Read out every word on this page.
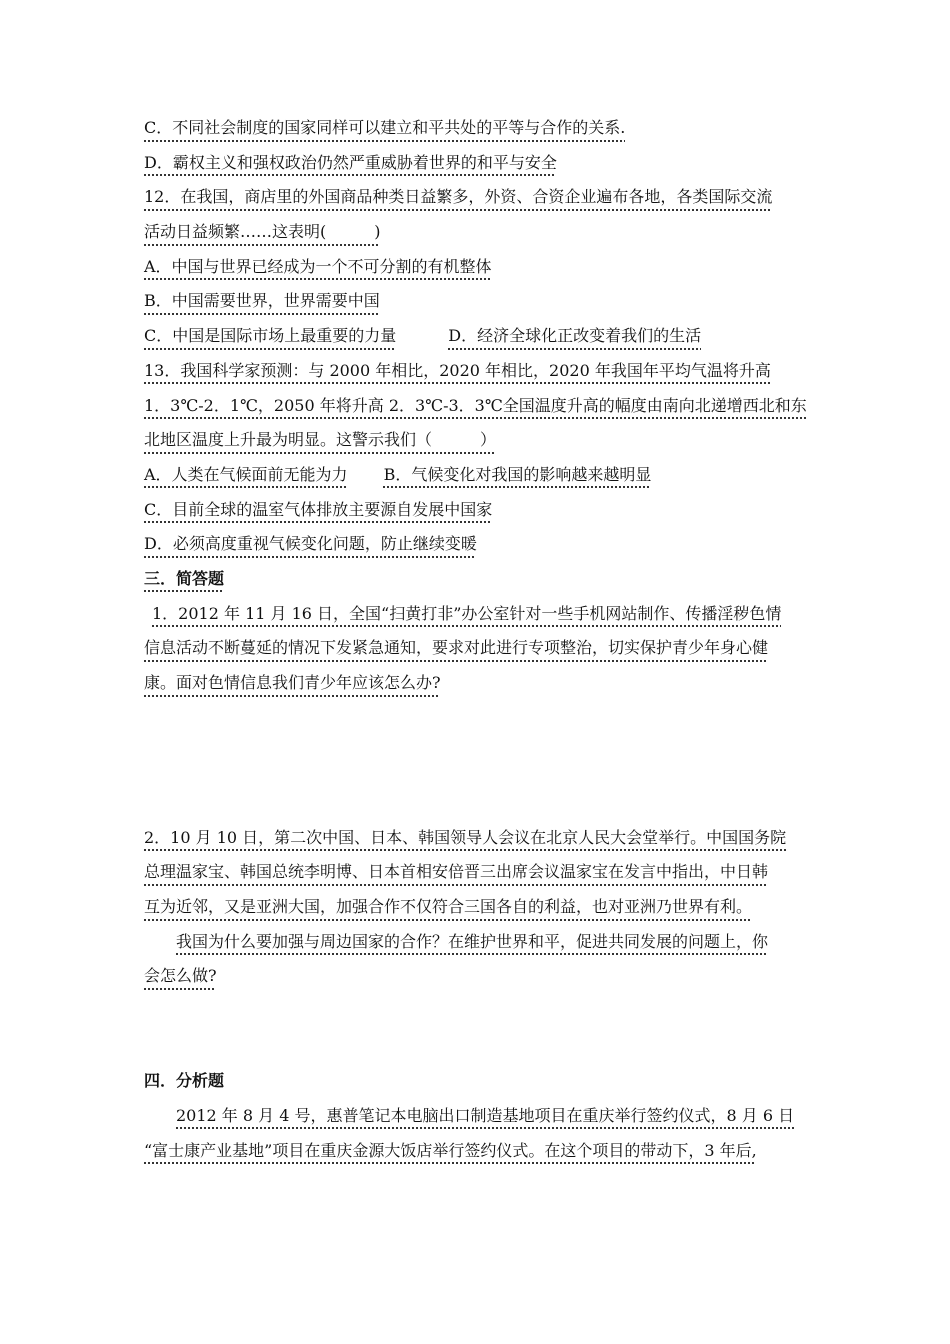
C．不同社会制度的国家同样可以建立和平共处的平等与合作的关系.
D．霸权主义和强权政治仍然严重威胁着世界的和平与安全
12．在我国，商店里的外国商品种类日益繁多，外资、合资企业遍布各地，各类国际交流
活动日益频繁……这表明(　　　)
A．中国与世界已经成为一个不可分割的有机整体
B．中国需要世界，世界需要中国
C．中国是国际市场上最重要的力量	D．经济全球化正改变着我们的生活
13．我国科学家预测：与 2000 年相比，2020 年相比，2020 年我国年平均气温将升高
1．3℃-2．1℃，2050 年将升高 2．3℃-3．3℃全国温度升高的幅度由南向北递增西北和东
北地区温度上升最为明显。这警示我们（　　　）
A．人类在气候面前无能为力 B．气候变化对我国的影响越来越明显
C．目前全球的温室气体排放主要源自发展中国家
D．必须高度重视气候变化问题，防止继续变暖
三．简答题
1．2012 年 11 月 16 日，全国“扫黄打非”办公室针对一些手机网站制作、传播淫秽色情
信息活动不断蔓延的情况下发紧急通知，要求对此进行专项整治，切实保护青少年身心健
康。面对色情信息我们青少年应该怎么办?
2．10 月 10 日，第二次中国、日本、韩国领导人会议在北京人民大会堂举行。中国国务院
总理温家宝、韩国总统李明博、日本首相安倍晋三出席会议温家宝在发言中指出，中日韩
互为近邻，又是亚洲大国，加强合作不仅符合三国各自的利益，也对亚洲乃世界有利。
我国为什么要加强与周边国家的合作？在维护世界和平，促进共同发展的问题上，你
会怎么做?
四．分析题
2012 年 8 月 4 号，惠普笔记本电脑出口制造基地项目在重庆举行签约仪式，8 月 6 日
“富士康产业基地”项目在重庆金源大饭店举行签约仪式。在这个项目的带动下，3 年后,
